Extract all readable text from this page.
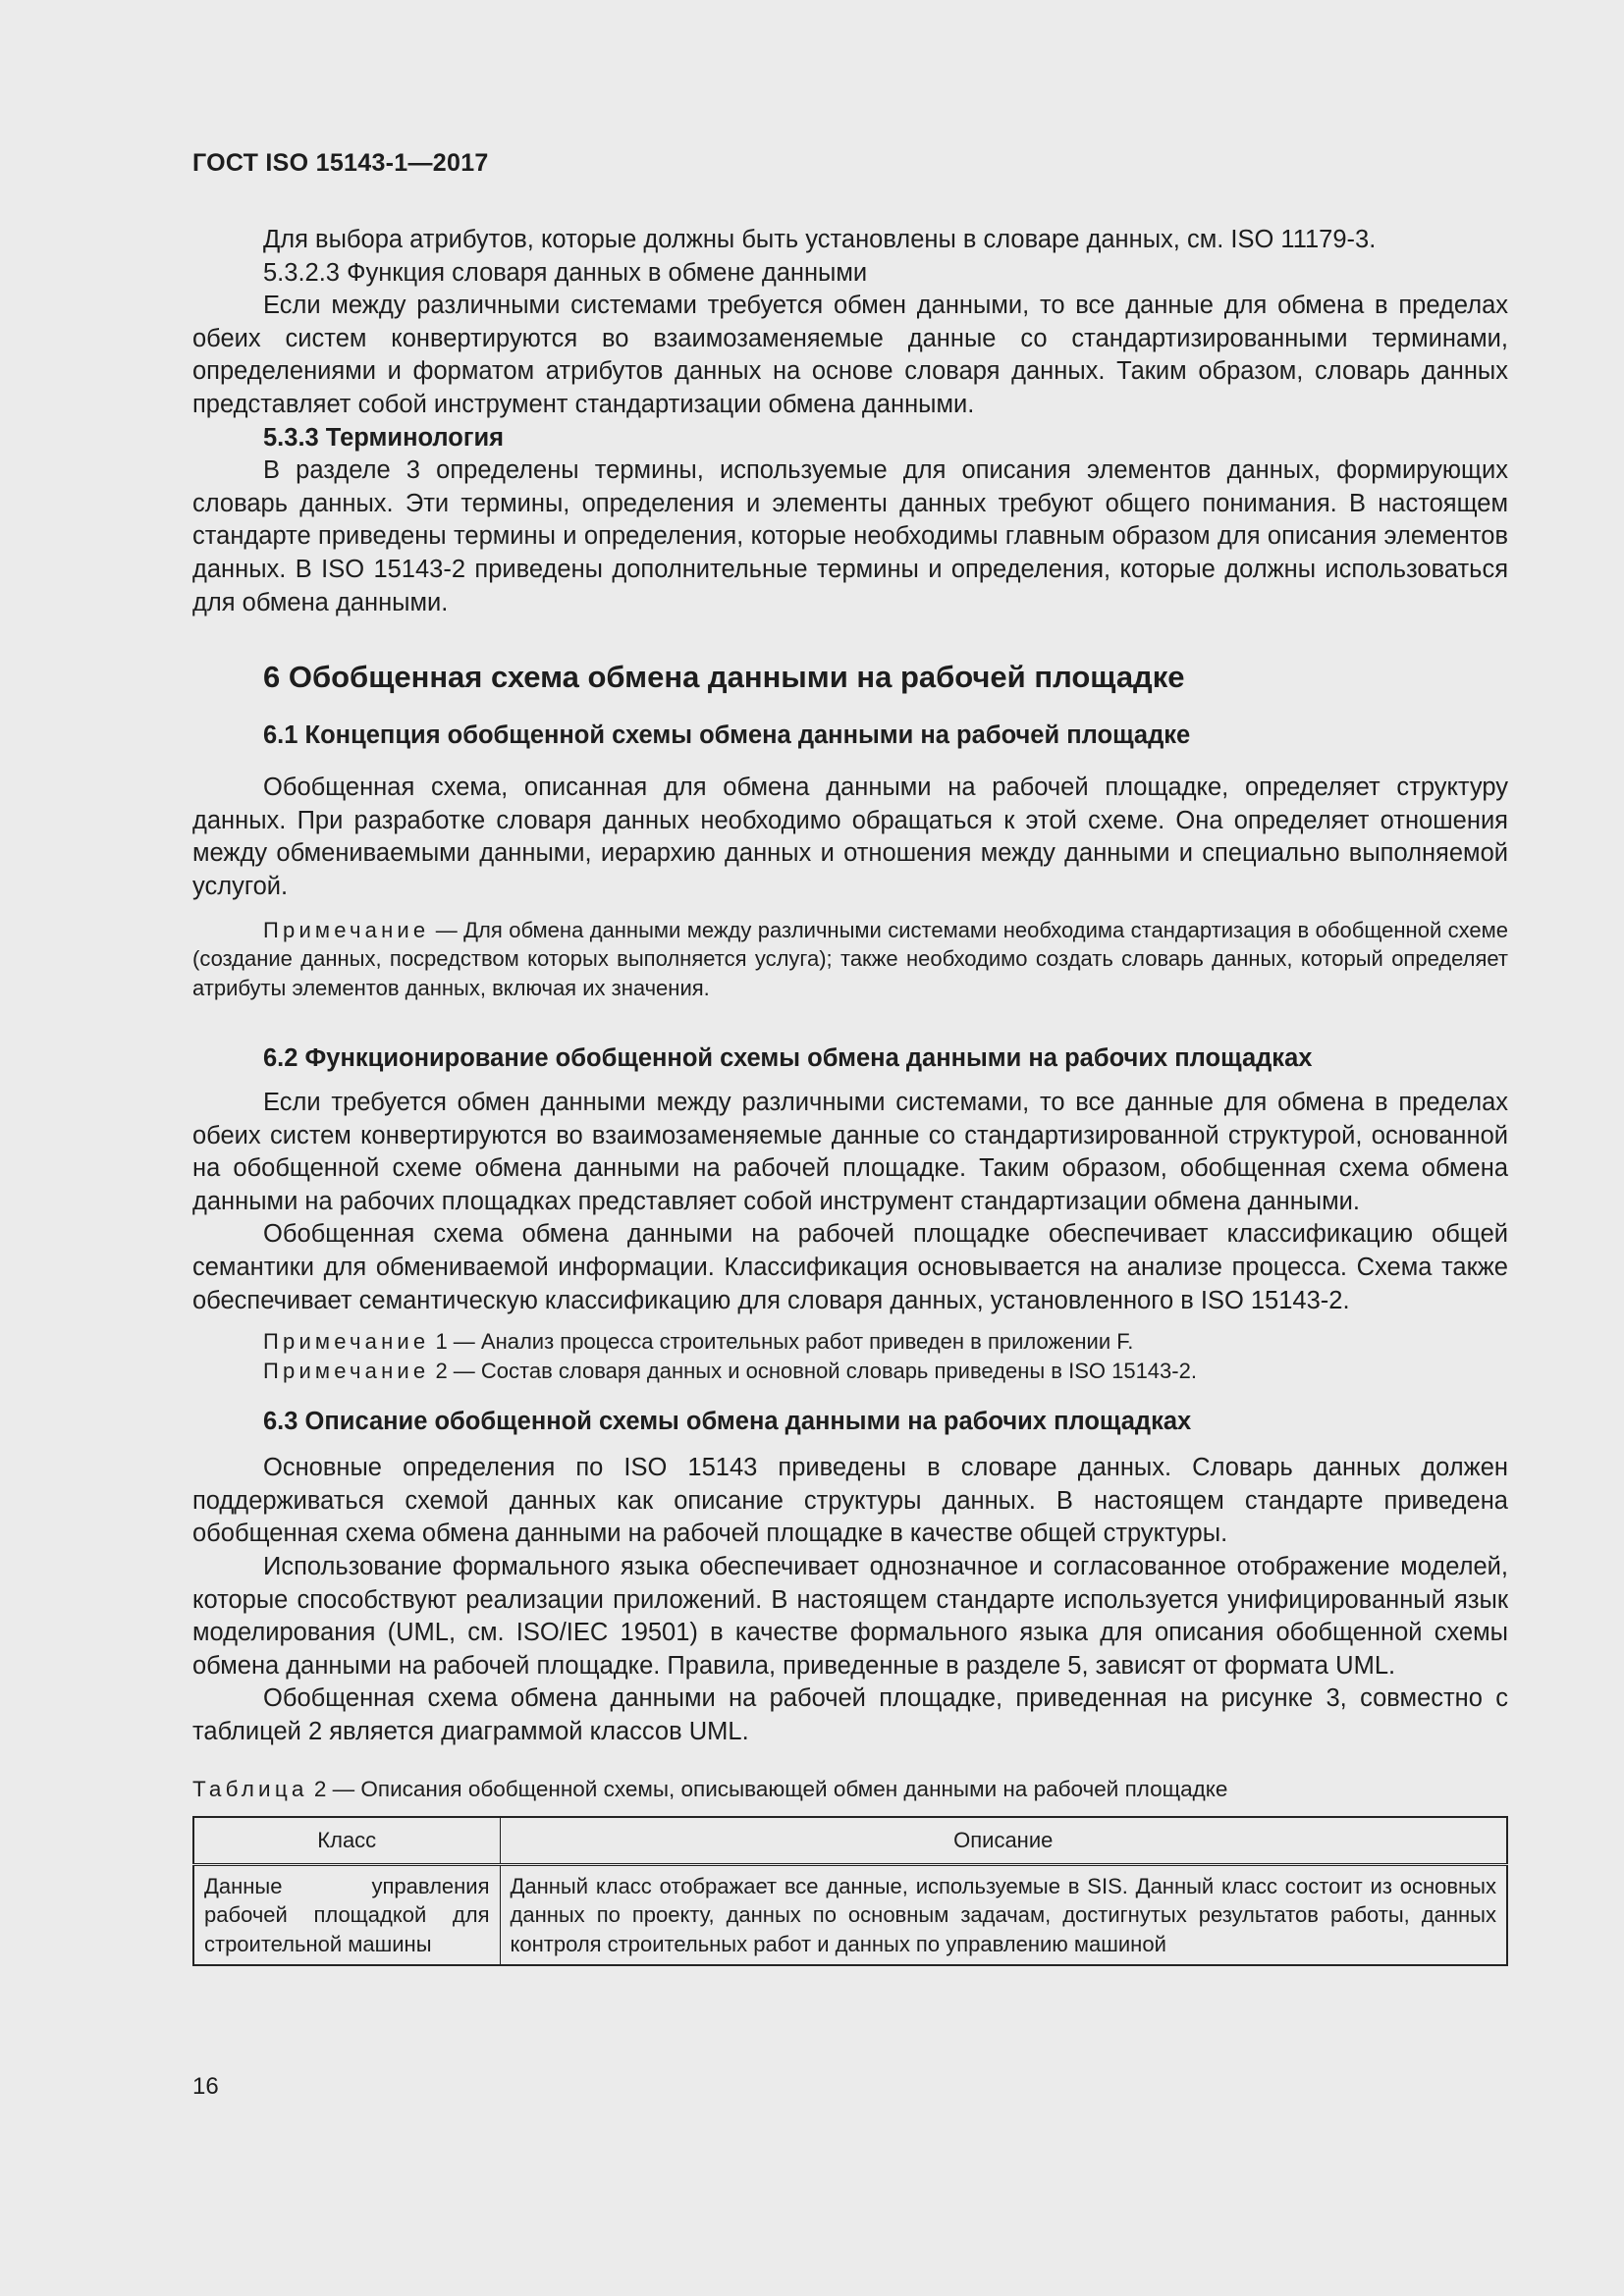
ГОСТ ISO 15143-1—2017

Для выбора атрибутов, которые должны быть установлены в словаре данных, см. ISO 11179-3.

5.3.2.3 Функция словаря данных в обмене данными

Если между различными системами требуется обмен данными, то все данные для обмена в пределах обеих систем конвертируются во взаимозаменяемые данные со стандартизированными терминами, определениями и форматом атрибутов данных на основе словаря данных. Таким образом, словарь данных представляет собой инструмент стандартизации обмена данными.

5.3.3 Терминология

В разделе 3 определены термины, используемые для описания элементов данных, формирующих словарь данных. Эти термины, определения и элементы данных требуют общего понимания. В настоящем стандарте приведены термины и определения, которые необходимы главным образом для описания элементов данных. В ISO 15143-2 приведены дополнительные термины и определения, которые должны использоваться для обмена данными.

6 Обобщенная схема обмена данными на рабочей площадке
6.1 Концепция обобщенной схемы обмена данными на рабочей площадке

Обобщенная схема, описанная для обмена данными на рабочей площадке, определяет структуру данных. При разработке словаря данных необходимо обращаться к этой схеме. Она определяет отношения между обмениваемыми данными, иерархию данных и отношения между данными и специально выполняемой услугой.

Примечание — Для обмена данными между различными системами необходима стандартизация в обобщенной схеме (создание данных, посредством которых выполняется услуга); также необходимо создать словарь данных, который определяет атрибуты элементов данных, включая их значения.
6.2 Функционирование обобщенной схемы обмена данными на рабочих площадках

Если требуется обмен данными между различными системами, то все данные для обмена в пределах обеих систем конвертируются во взаимозаменяемые данные со стандартизированной структурой, основанной на обобщенной схеме обмена данными на рабочей площадке. Таким образом, обобщенная схема обмена данными на рабочих площадках представляет собой инструмент стандартизации обмена данными.

Обобщенная схема обмена данными на рабочей площадке обеспечивает классификацию общей семантики для обмениваемой информации. Классификация основывается на анализе процесса. Схема также обеспечивает семантическую классификацию для словаря данных, установленного в ISO 15143-2.

Примечание 1 — Анализ процесса строительных работ приведен в приложении F.
Примечание 2 — Состав словаря данных и основной словарь приведены в ISO 15143-2.
6.3 Описание обобщенной схемы обмена данными на рабочих площадках

Основные определения по ISO 15143 приведены в словаре данных. Словарь данных должен поддерживаться схемой данных как описание структуры данных. В настоящем стандарте приведена обобщенная схема обмена данными на рабочей площадке в качестве общей структуры.

Использование формального языка обеспечивает однозначное и согласованное отображение моделей, которые способствуют реализации приложений. В настоящем стандарте используется унифицированный язык моделирования (UML, см. ISO/IEC 19501) в качестве формального языка для описания обобщенной схемы обмена данными на рабочей площадке. Правила, приведенные в разделе 5, зависят от формата UML.

Обобщенная схема обмена данными на рабочей площадке, приведенная на рисунке 3, совместно с таблицей 2 является диаграммой классов UML.

Таблица 2 — Описания обобщенной схемы, описывающей обмен данными на рабочей площадке
Класс	Описание
Данные управления рабочей площадкой для строительной машины	Данный класс отображает все данные, используемые в SIS. Данный класс состоит из основных данных по проекту, данных по основным задачам, достигнутых результатов работы, данных контроля строительных работ и данных по управлению машиной
16
